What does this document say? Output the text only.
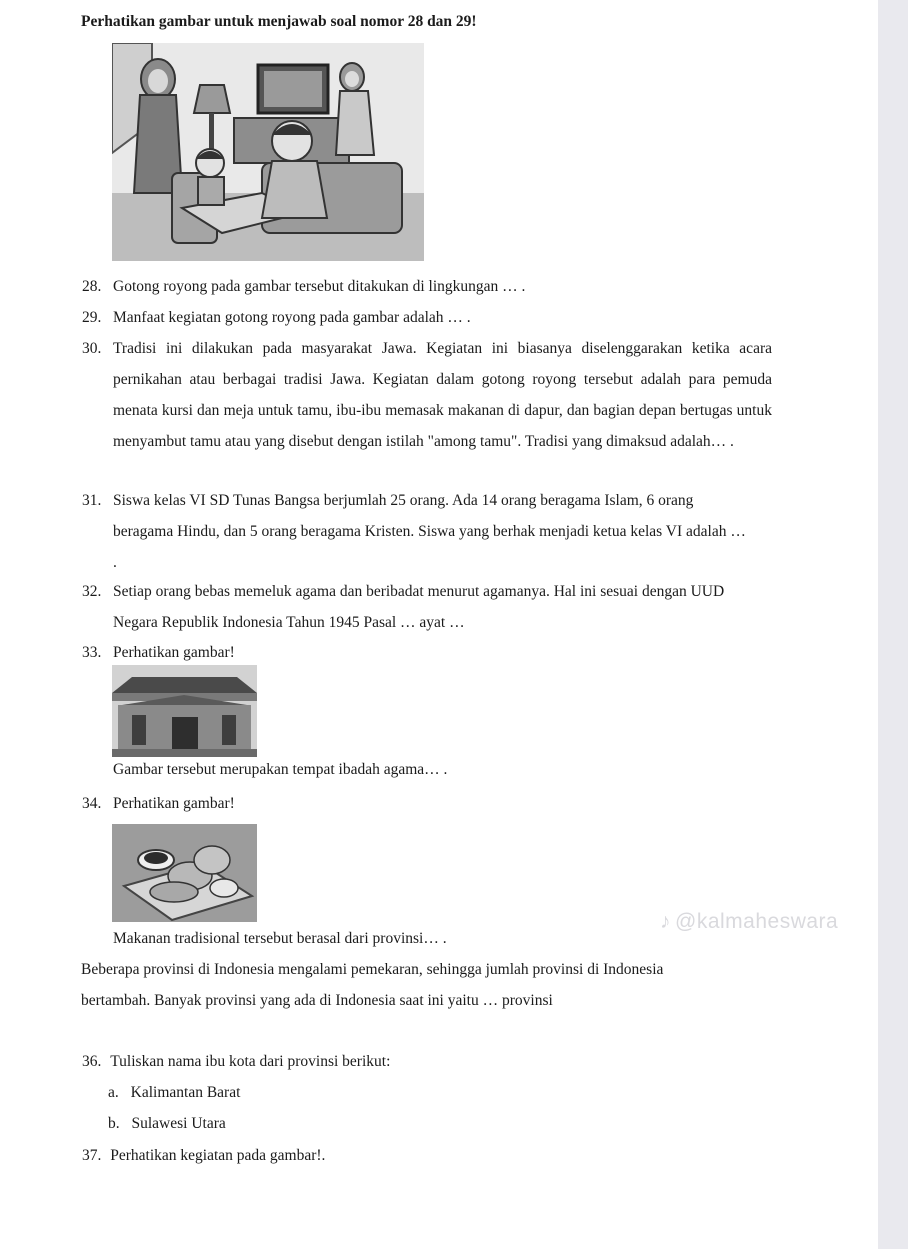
Perhatikan gambar untuk menjawab soal nomor 28 dan 29!
28. Gotong royong pada gambar tersebut ditakukan di lingkungan … .
29. Manfaat kegiatan gotong royong pada gambar adalah … .
30. Tradisi ini dilakukan pada masyarakat Jawa. Kegiatan ini biasanya diselenggarakan ketika acara pernikahan atau berbagai tradisi Jawa. Kegiatan dalam gotong royong tersebut adalah para pemuda menata kursi dan meja untuk tamu, ibu-ibu memasak makanan di dapur, dan bagian depan bertugas untuk menyambut tamu atau yang disebut dengan istilah "among tamu". Tradisi yang dimaksud adalah… .
31. Siswa kelas VI SD Tunas Bangsa berjumlah 25 orang. Ada 14 orang beragama Islam, 6 orang beragama Hindu, dan 5 orang beragama Kristen. Siswa yang berhak menjadi ketua kelas VI adalah … .
32. Setiap orang bebas memeluk agama dan beribadat menurut agamanya. Hal ini sesuai dengan UUD Negara Republik Indonesia Tahun 1945 Pasal … ayat …
33. Perhatikan gambar!
Gambar tersebut merupakan tempat ibadah agama… .
34. Perhatikan gambar!
♪ @kalmaheswara
Makanan tradisional tersebut berasal dari provinsi… .
Beberapa provinsi di Indonesia mengalami pemekaran, sehingga jumlah provinsi di Indonesia
bertambah. Banyak provinsi yang ada di Indonesia saat ini yaitu … provinsi
36. Tuliskan nama ibu kota dari provinsi berikut:
a. Kalimantan Barat
b. Sulawesi Utara
37. Perhatikan kegiatan pada gambar!.
